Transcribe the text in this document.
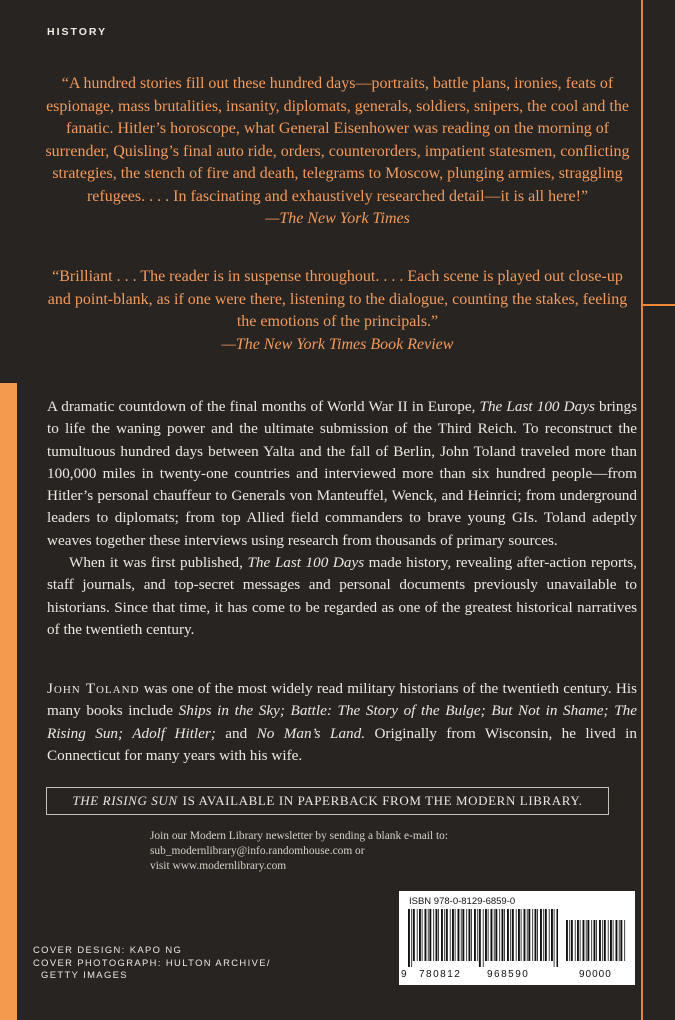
HISTORY
“A hundred stories fill out these hundred days—portraits, battle plans, ironies, feats of espionage, mass brutalities, insanity, diplomats, generals, soldiers, snipers, the cool and the fanatic. Hitler’s horoscope, what General Eisenhower was reading on the morning of surrender, Quisling’s final auto ride, orders, counterorders, impatient statesmen, conflicting strategies, the stench of fire and death, telegrams to Moscow, plunging armies, straggling refugees. . . . In fascinating and exhaustively researched detail—it is all here!”
—The New York Times
“Brilliant . . . The reader is in suspense throughout. . . . Each scene is played out close-up and point-blank, as if one were there, listening to the dialogue, counting the stakes, feeling the emotions of the principals.”
—The New York Times Book Review

A dramatic countdown of the final months of World War II in Europe, The Last 100 Days brings to life the waning power and the ultimate submission of the Third Reich. To reconstruct the tumultuous hundred days between Yalta and the fall of Berlin, John Toland traveled more than 100,000 miles in twenty-one countries and interviewed more than six hundred people—from Hitler’s personal chauffeur to Generals von Manteuffel, Wenck, and Heinrici; from underground leaders to diplomats; from top Allied field commanders to brave young GIs. Toland adeptly weaves together these interviews using research from thousands of primary sources.

When it was first published, The Last 100 Days made history, revealing after-action reports, staff journals, and top-secret messages and personal documents previously unavailable to historians. Since that time, it has come to be regarded as one of the greatest historical narratives of the twentieth century.

John Toland was one of the most widely read military historians of the twentieth century. His many books include Ships in the Sky; Battle: The Story of the Bulge; But Not in Shame; The Rising Sun; Adolf Hitler; and No Man’s Land. Originally from Wisconsin, he lived in Connecticut for many years with his wife.
THE RISING SUN IS AVAILABLE IN PAPERBACK FROM THE MODERN LIBRARY.
Join our Modern Library newsletter by sending a blank e-mail to:
sub_modernlibrary@info.randomhouse.com or
visit www.modernlibrary.com
COVER DESIGN: KAPO NG
COVER PHOTOGRAPH: HULTON ARCHIVE/
GETTY IMAGES
ISBN 978-0-8129-6859-0
9 780812	968590	90000
